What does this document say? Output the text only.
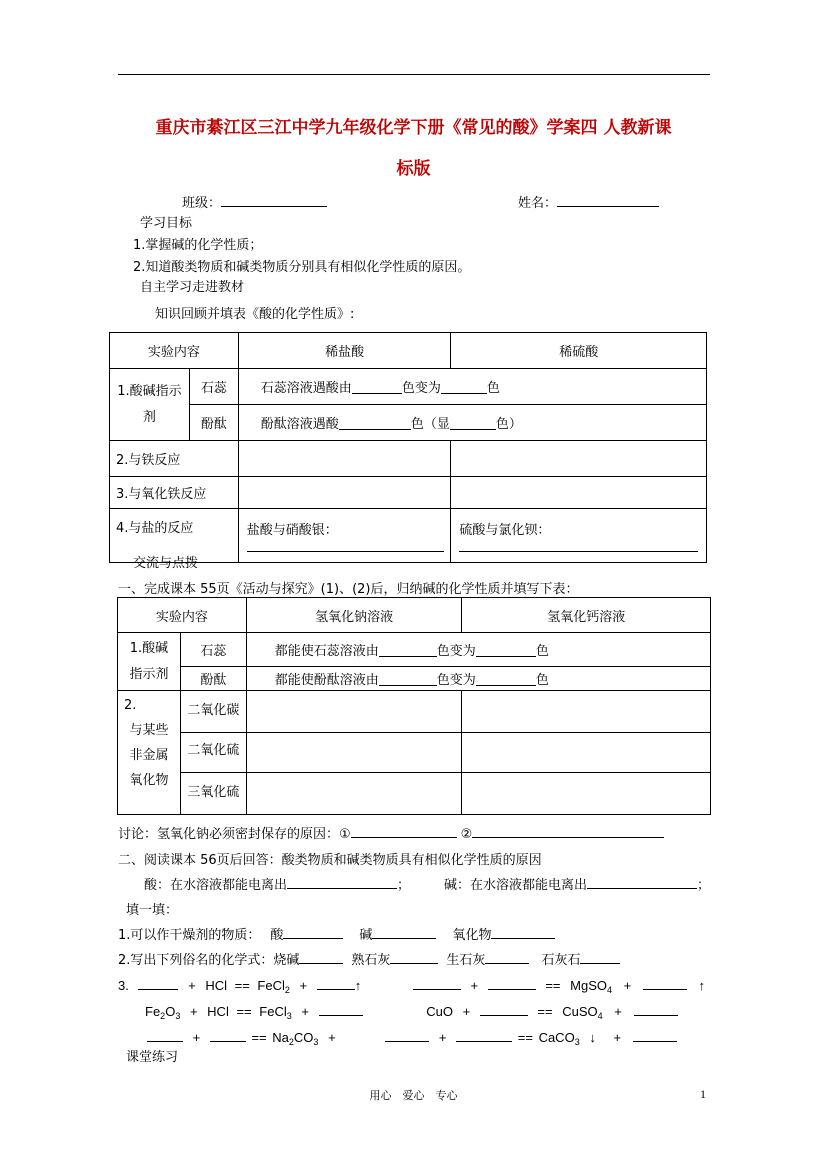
重庆市綦江区三江中学九年级化学下册《常见的酸》学案四 人教新课
标版
班级：	姓名：
学习目标
1.掌握碱的化学性质；
2.知道酸类物质和碱类物质分别具有相似化学性质的原因。
自主学习走进教材
知识回顾并填表《酸的化学性质》:
实验内容		稀盐酸	稀硫酸
1.酸碱指示剂	石蕊	石蕊溶液遇酸由 色变为 色	
	酚酞	酚酞溶液遇酸 色（显 色）	
2.与铁反应			
3.与氧化铁反应			
4.与盐的反应		盐酸与硝酸银：	硫酸与氯化钡：
交流与点拨
一、完成课本 55页《活动与探究》(1)、(2)后，归纳碱的化学性质并填写下表：
实验内容		氢氧化钠溶液	氢氧化钙溶液

1.酸碱
指示剂	石蕊	都能使石蕊溶液由 色变为 色	
	酚酞	都能使酚酞溶液由 色变为 色	

2.
与某些
非金属
氧化物	二氧化碳		
	二氧化硫		
	三氧化硫		
讨论：氢氧化钠必须密封保存的原因：①	②
二、阅读课本 56页后回答：酸类物质和碱类物质具有相似化学性质的原因
酸：在水溶液都能电离出	；	碱：在水溶液都能电离出	；
填一填：
1.可以作干燥剂的物质： 酸	碱	氧化物
2.写出下列俗名的化学式：烧碱	熟石灰	生石灰	石灰石
3.	+ HCl == FeCl$_2$ +	↑	+	== MgSO$_4$ +	↑
$Fe_2O_3$ + HCl == FeCl$_3$ +	CuO +	== CuSO$_4$ +
+	== $Na_2CO_3$ +	+	== CaCO$_3$ ↓ +
课堂练习
用心　爱心　专心	1
